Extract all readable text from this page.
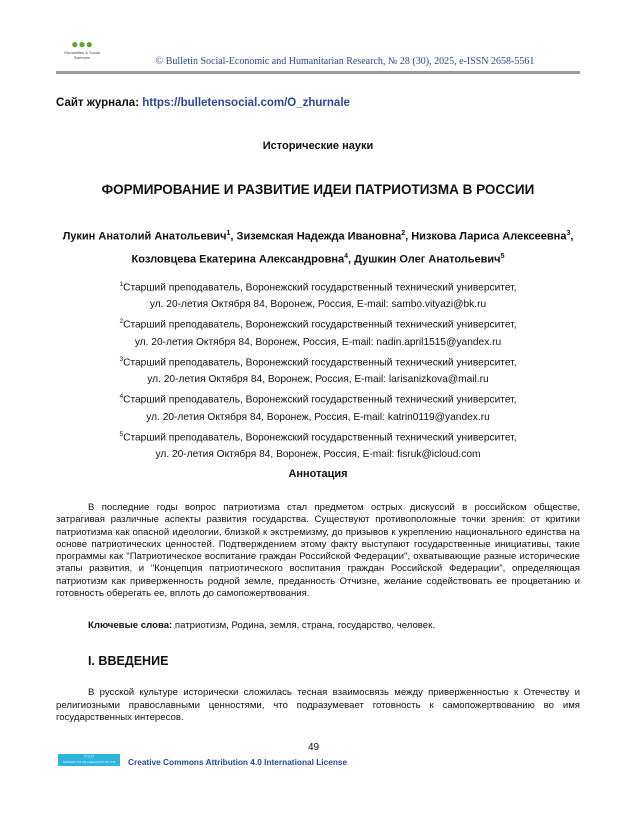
●●●
Humanities & Social Sciences	© Bulletin Social-Economic and Humanitarian Research, № 28 (30), 2025, e-ISSN 2658-5561
Сайт журнала: https://bulletensocial.com/O_zhurnale
Исторические науки
ФОРМИРОВАНИЕ И РАЗВИТИЕ ИДЕИ ПАТРИОТИЗМА В РОССИИ
Лукин Анатолий Анатольевич$^1$, Зиземская Надежда Ивановна$^2$, Низкова Лариса Алексеевна$^3$,
Козловцева Екатерина Александровна$^4$, Душкин Олег Анатольевич$^5$
$^1$Старший преподаватель, Воронежский государственный технический университет,
ул. 20-летия Октября 84, Воронеж, Россия, E-mail: sambo.vityazi@bk.ru
$^2$Старший преподаватель, Воронежский государственный технический университет,
ул. 20-летия Октября 84, Воронеж, Россия, E-mail: nadin.april1515@yandex.ru
$^3$Старший преподаватель, Воронежский государственный технический университет,
ул. 20-летия Октября 84, Воронеж, Россия, E-mail: larisanizkova@mail.ru
$^4$Старший преподаватель, Воронежский государственный технический университет,
ул. 20-летия Октября 84, Воронеж, Россия, E-mail: katrin0119@yandex.ru
$^5$Старший преподаватель, Воронежский государственный технический университет,
ул. 20-летия Октября 84, Воронеж, Россия, E-mail: fisruk@icloud.com
Аннотация

В последние годы вопрос патриотизма стал предметом острых дискуссий в российском обществе, затрагивая различные аспекты развития государства. Существуют противоположные точки зрения: от критики патриотизма как опасной идеологии, близкой к экстремизму, до призывов к укреплению национального единства на основе патриотических ценностей. Подтверждением этому факту выступают государственные инициативы, такие программы как "Патриотическое воспитание граждан Российской Федерации", охватывающие разные исторические этапы развития, и "Концепция патриотического воспитания граждан Российской Федерации", определяющая патриотизм как приверженность родной земле, преданность Отчизне, желание содействовать ее процветанию и готовность оберегать ее, вплоть до самопожертвования.

Ключевые слова: патриотизм, Родина, земля, страна, государство, человек.
I. ВВЕДЕНИЕ

В русской культуре исторически сложилась тесная взаимосвязь между приверженностью к Отечеству и религиозными православными ценностями, что подразумевает готовность к самопожертвованию во имя государственных интересов.

49
○○○
Attribution 4.0 International (CC BY 4.0)	Creative Commons Attribution 4.0 International License
